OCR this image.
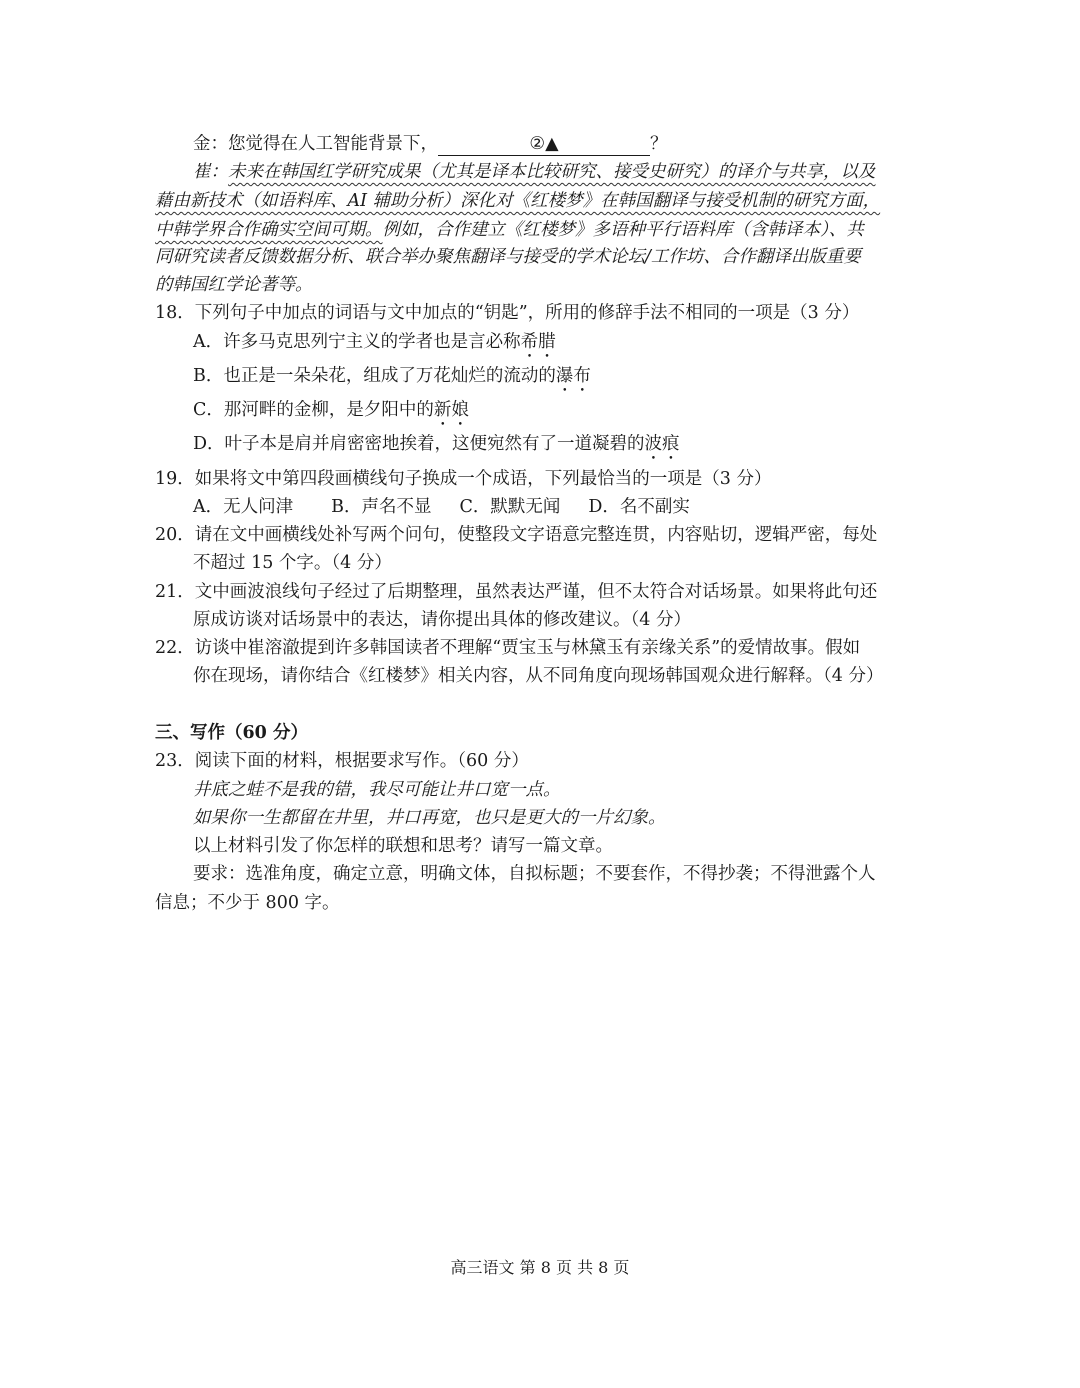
金：您觉得在人工智能背景下，	②▲	？
崔：未来在韩国红学研究成果（尤其是译本比较研究、接受史研究）的译介与共享，以及
藉由新技术（如语料库、AI 辅助分析）深化对《红楼梦》在韩国翻译与接受机制的研究方面，
中韩学界合作确实空间可期。例如，合作建立《红楼梦》多语种平行语料库（含韩译本）、共
同研究读者反馈数据分析、联合举办聚焦翻译与接受的学术论坛/工作坊、合作翻译出版重要
的韩国红学论著等。
18．下列句子中加点的词语与文中加点的“钥匙”，所用的修辞手法不相同的一项是（3 分）
A．许多马克思列宁主义的学者也是言必称希腊
B．也正是一朵朵花，组成了万花灿烂的流动的瀑布
C．那河畔的金柳，是夕阳中的新娘
D．叶子本是肩并肩密密地挨着，这便宛然有了一道凝碧的波痕
19．如果将文中第四段画横线句子换成一个成语，下列最恰当的一项是（3 分）
A．无人问津 B．声名不显 C．默默无闻 D．名不副实
20．请在文中画横线处补写两个问句，使整段文字语意完整连贯，内容贴切，逻辑严密，每处
不超过 15 个字。（4 分）
21．文中画波浪线句子经过了后期整理，虽然表达严谨，但不太符合对话场景。如果将此句还
原成访谈对话场景中的表达，请你提出具体的修改建议。（4 分）
22．访谈中崔溶澈提到许多韩国读者不理解“贾宝玉与林黛玉有亲缘关系”的爱情故事。假如
你在现场，请你结合《红楼梦》相关内容，从不同角度向现场韩国观众进行解释。（4 分）
三、写作（60 分）
23．阅读下面的材料，根据要求写作。（60 分）
井底之蛙不是我的错，我尽可能让井口宽一点。
如果你一生都留在井里，井口再宽，也只是更大的一片幻象。
以上材料引发了你怎样的联想和思考？请写一篇文章。
要求：选准角度，确定立意，明确文体，自拟标题；不要套作，不得抄袭；不得泄露个人
信息；不少于 800 字。
高三语文 第 8 页 共 8 页
